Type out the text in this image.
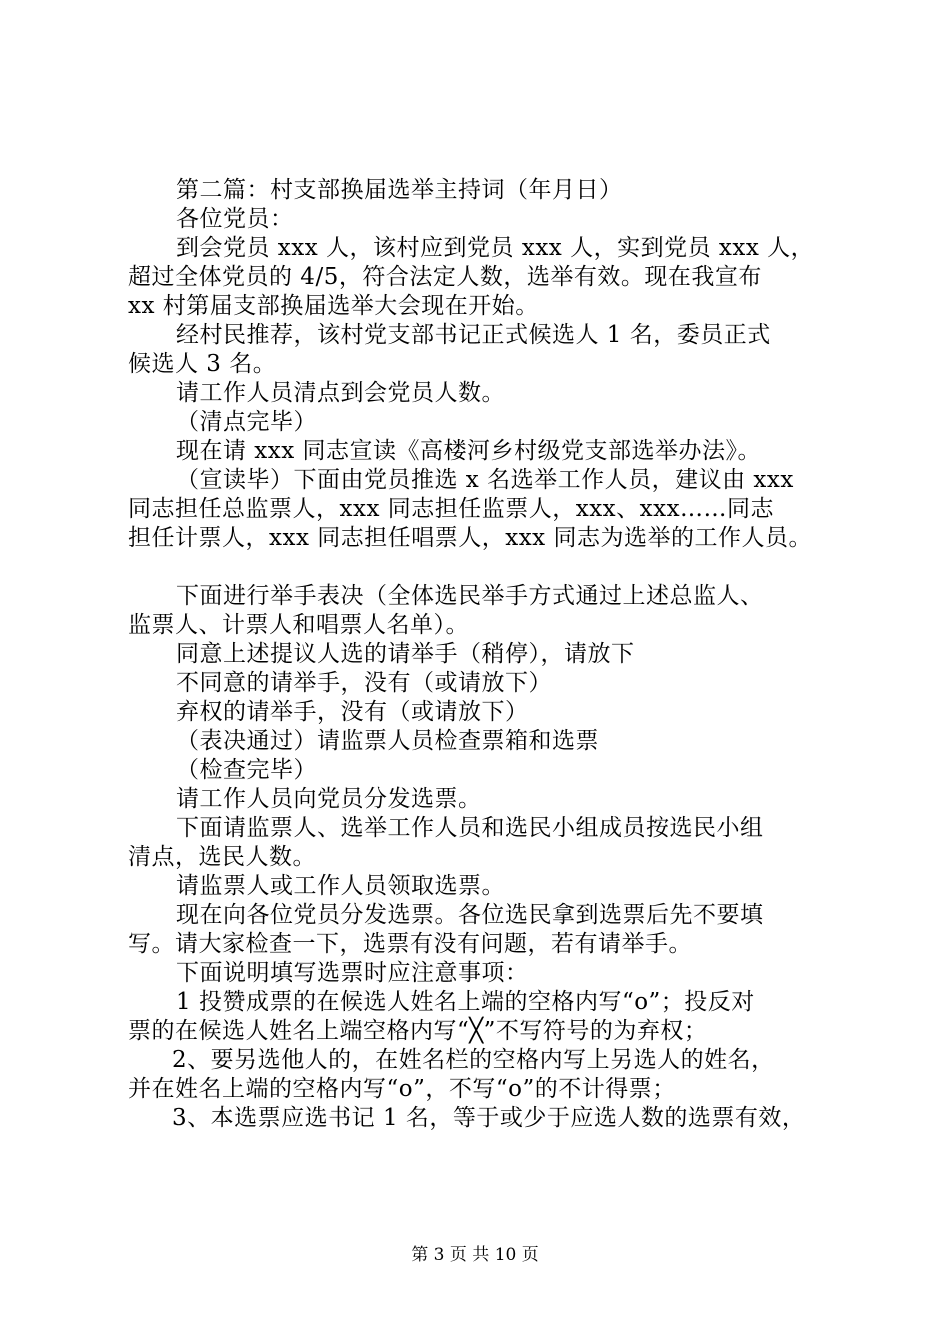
第二篇：村支部换届选举主持词（年月日）
各位党员：
到会党员 xxx 人，该村应到党员 xxx 人，实到党员 xxx 人，
超过全体党员的 4/5，符合法定人数，选举有效。现在我宣布
xx 村第届支部换届选举大会现在开始。
经村民推荐，该村党支部书记正式候选人 1 名，委员正式
候选人 3 名。
请工作人员清点到会党员人数。
（清点完毕）
现在请 xxx 同志宣读《高楼河乡村级党支部选举办法》。
（宣读毕）下面由党员推选 x 名选举工作人员，建议由 xxx
同志担任总监票人，xxx 同志担任监票人，xxx、xxx……同志
担任计票人，xxx 同志担任唱票人，xxx 同志为选举的工作人员。
下面进行举手表决（全体选民举手方式通过上述总监人、
监票人、计票人和唱票人名单）。
同意上述提议人选的请举手（稍停），请放下
不同意的请举手，没有（或请放下）
弃权的请举手，没有（或请放下）
（表决通过）请监票人员检查票箱和选票
（检查完毕）
请工作人员向党员分发选票。
下面请监票人、选举工作人员和选民小组成员按选民小组
清点，选民人数。
请监票人或工作人员领取选票。
现在向各位党员分发选票。各位选民拿到选票后先不要填
写。请大家检查一下，选票有没有问题，若有请举手。
下面说明填写选票时应注意事项：
1 投赞成票的在候选人姓名上端的空格内写“o”；投反对
票的在候选人姓名上端空格内写“╳”不写符号的为弃权；
2、要另选他人的，在姓名栏的空格内写上另选人的姓名，
并在姓名上端的空格内写“o”，不写“o”的不计得票；
3、本选票应选书记 1 名，等于或少于应选人数的选票有效，
第 3 页 共 10 页
